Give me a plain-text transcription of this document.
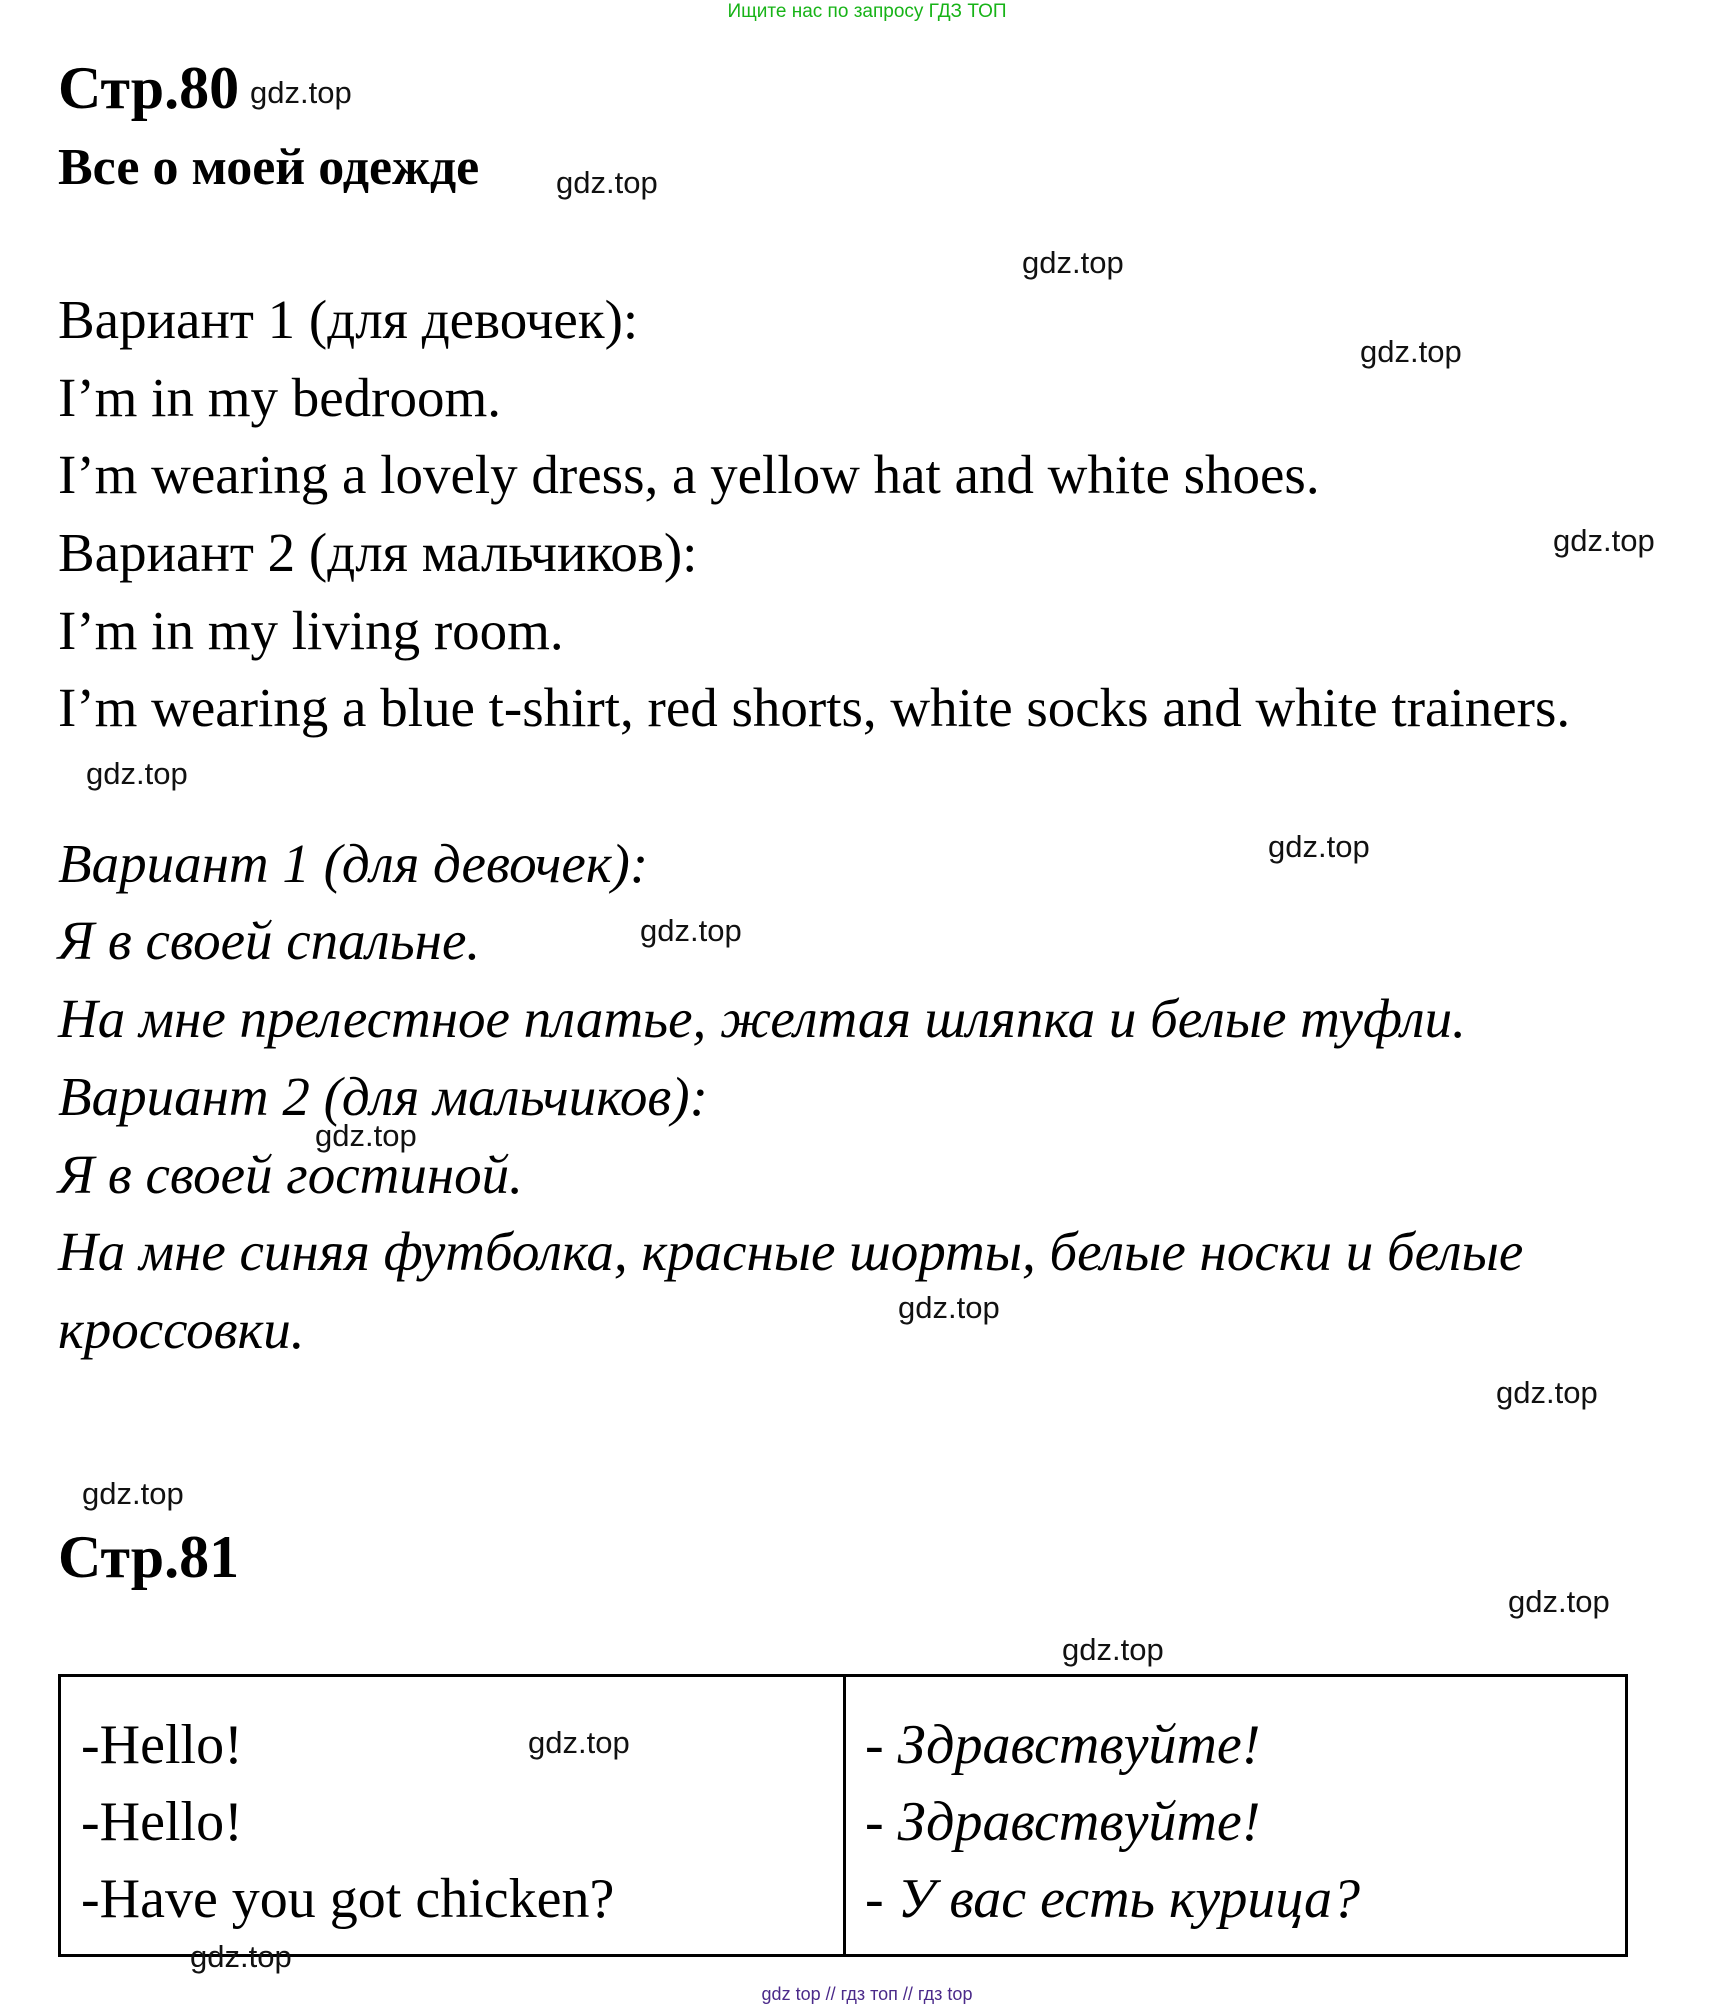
Ищите нас по запросу ГДЗ ТОП
Стр.80
Все о моей одежде
Вариант 1 (для девочек):
I’m in my bedroom.
I’m wearing a lovely dress, a yellow hat and white shoes.
Вариант 2 (для мальчиков):
I’m in my living room.
I’m wearing a blue t-shirt, red shorts, white socks and white trainers.
Вариант 1 (для девочек):
Я в своей спальне.
На мне прелестное платье, желтая шляпка и белые туфли.
Вариант 2 (для мальчиков):
Я в своей гостиной.
На мне синяя футболка, красные шорты, белые носки и белые
кроссовки.
Стр.81
-Hello!
-Hello!
-Have you got chicken?
- Здравствуйте!
- Здравствуйте!
- У вас есть курица?
gdz.top
gdz.top
gdz.top
gdz.top
gdz.top
gdz.top
gdz.top
gdz.top
gdz.top
gdz.top
gdz.top
gdz.top
gdz.top
gdz.top
gdz.top
gdz.top
gdz top // гдз топ // гдз top
